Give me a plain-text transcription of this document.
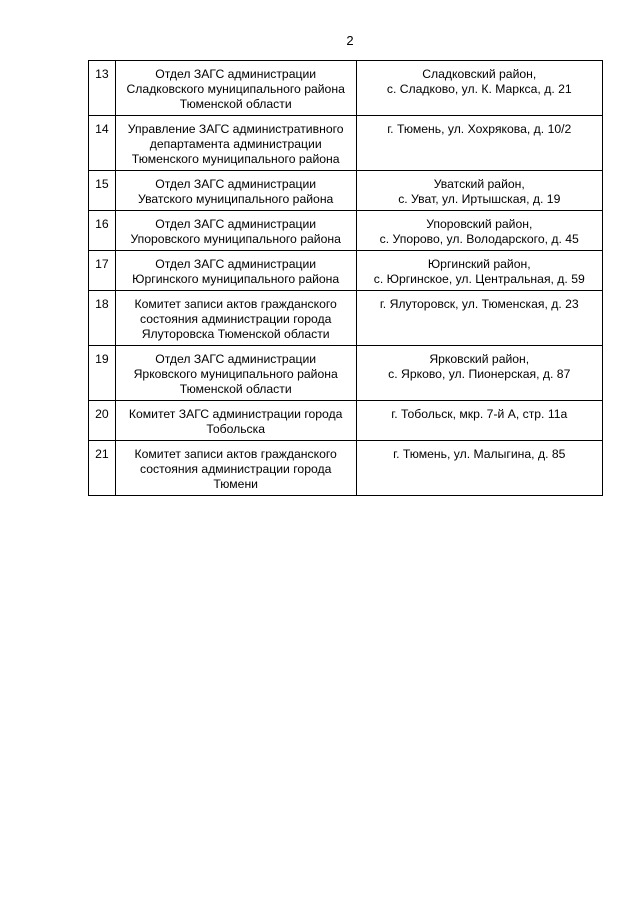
2
13	Отдел ЗАГС администрации
Сладковского муниципального района
Тюменской области	Сладковский район,
с. Сладково, ул. К. Маркса, д. 21

14	Управление ЗАГС административного
департамента администрации
Тюменского муниципального района	г. Тюмень, ул. Хохрякова, д. 10/2

15	Отдел ЗАГС администрации
Уватского муниципального района	Уватский район,
с. Уват, ул. Иртышская, д. 19

16	Отдел ЗАГС администрации
Упоровского муниципального района	Упоровский район,
с. Упорово, ул. Володарского, д. 45

17	Отдел ЗАГС администрации
Юргинского муниципального района	Юргинский район,
с. Юргинское, ул. Центральная, д. 59

18	Комитет записи актов гражданского
состояния администрации города
Ялуторовска Тюменской области	г. Ялуторовск, ул. Тюменская, д. 23

19	Отдел ЗАГС администрации
Ярковского муниципального района
Тюменской области	Ярковский район,
с. Ярково, ул. Пионерская, д. 87

20	Комитет ЗАГС администрации города
Тобольска	г. Тобольск, мкр. 7-й А, стр. 11а

21	Комитет записи актов гражданского
состояния администрации города
Тюмени	г. Тюмень, ул. Малыгина, д. 85
